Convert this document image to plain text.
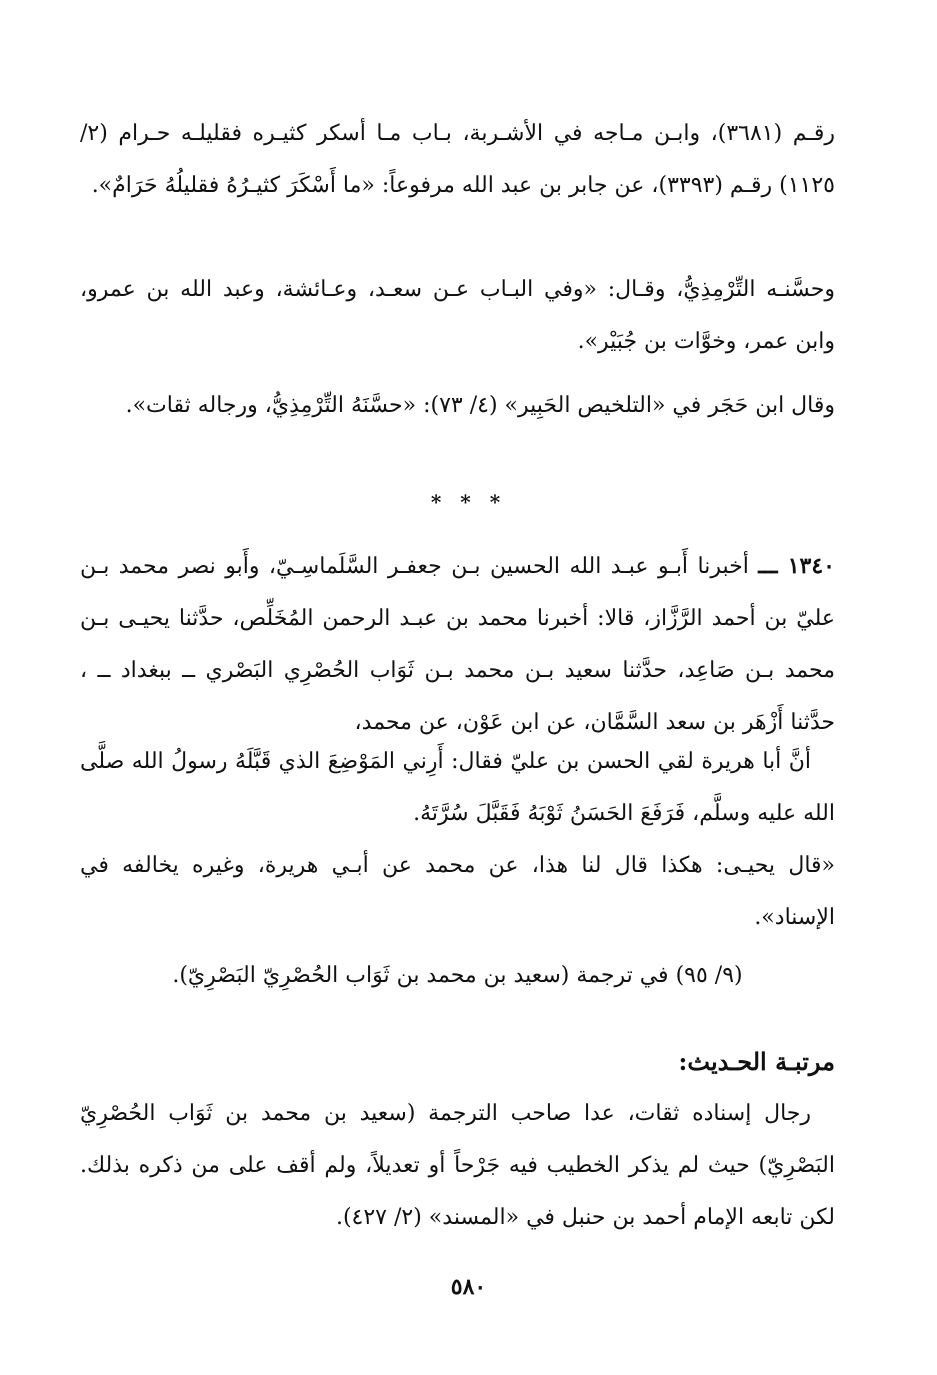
رقـم (٣٦٨١)، وابـن مـاجه في الأشـربة، بـاب مـا أسكر كثيـره فقليلـه حـرام (٢/ ١١٢٥) رقـم (٣٣٩٣)، عن جابر بن عبد الله مرفوعاً: «ما أَسْكَرَ كثيـرُهُ فقليلُهُ حَرَامٌ».

وحسَّنـه التِّرْمِذِيُّ، وقـال: «وفي البـاب عـن سعـد، وعـائشة، وعبد الله بن عمرو، وابن عمر، وخوَّات بن جُبَيْر».

وقال ابن حَجَر في «التلخيص الحَبِير» (٤/ ٧٣): «حسَّنَهُ التِّرْمِذِيُّ، ورجاله ثقات».

* * *

١٣٤٠ ـــ أخبرنا أَبـو عبـد الله الحسين بـن جعفـر السَّلَماسِـيّ، وأَبو نصر محمد بـن عليّ بن أحمد الرَّزَّاز، قالا: أخبرنا محمد بن عبـد الرحمن المُخَلِّص، حدَّثنا يحيـى بـن محمد بـن صَاعِد، حدَّثنا سعيد بـن محمد بـن ثَوَاب الحُصْرِي البَصْري ــ ببغداد ــ ، حدَّثنا أَزْهَر بن سعد السَّمَّان، عن ابن عَوْن، عن محمد،

أنَّ أبا هريرة لقي الحسن بن عليّ فقال: أَرِني المَوْضِعَ الذي قَبَّلَهُ رسولُ الله صلَّى الله عليه وسلَّم، فَرَفَعَ الحَسَنُ ثَوْبَهُ فَقَبَّلَ سُرَّتَهُ.

«قال يحيـى: هكذا قال لنا هذا، عن محمد عن أبـي هريرة، وغيره يخالفه في الإسناد».

(٩/ ٩٥) في ترجمة (سعيد بن محمد بن ثَوَاب الحُصْرِيّ البَصْرِيّ).
مرتبـة الحـديث:

رجال إسناده ثقات، عدا صاحب الترجمة (سعيد بن محمد بن ثَوَاب الحُصْرِيّ البَصْرِيّ) حيث لم يذكر الخطيب فيه جَرْحاً أو تعديلاً، ولم أقف على من ذكره بذلك. لكن تابعه الإمام أحمد بن حنبل في «المسند» (٢/ ٤٢٧).

٥٨٠
